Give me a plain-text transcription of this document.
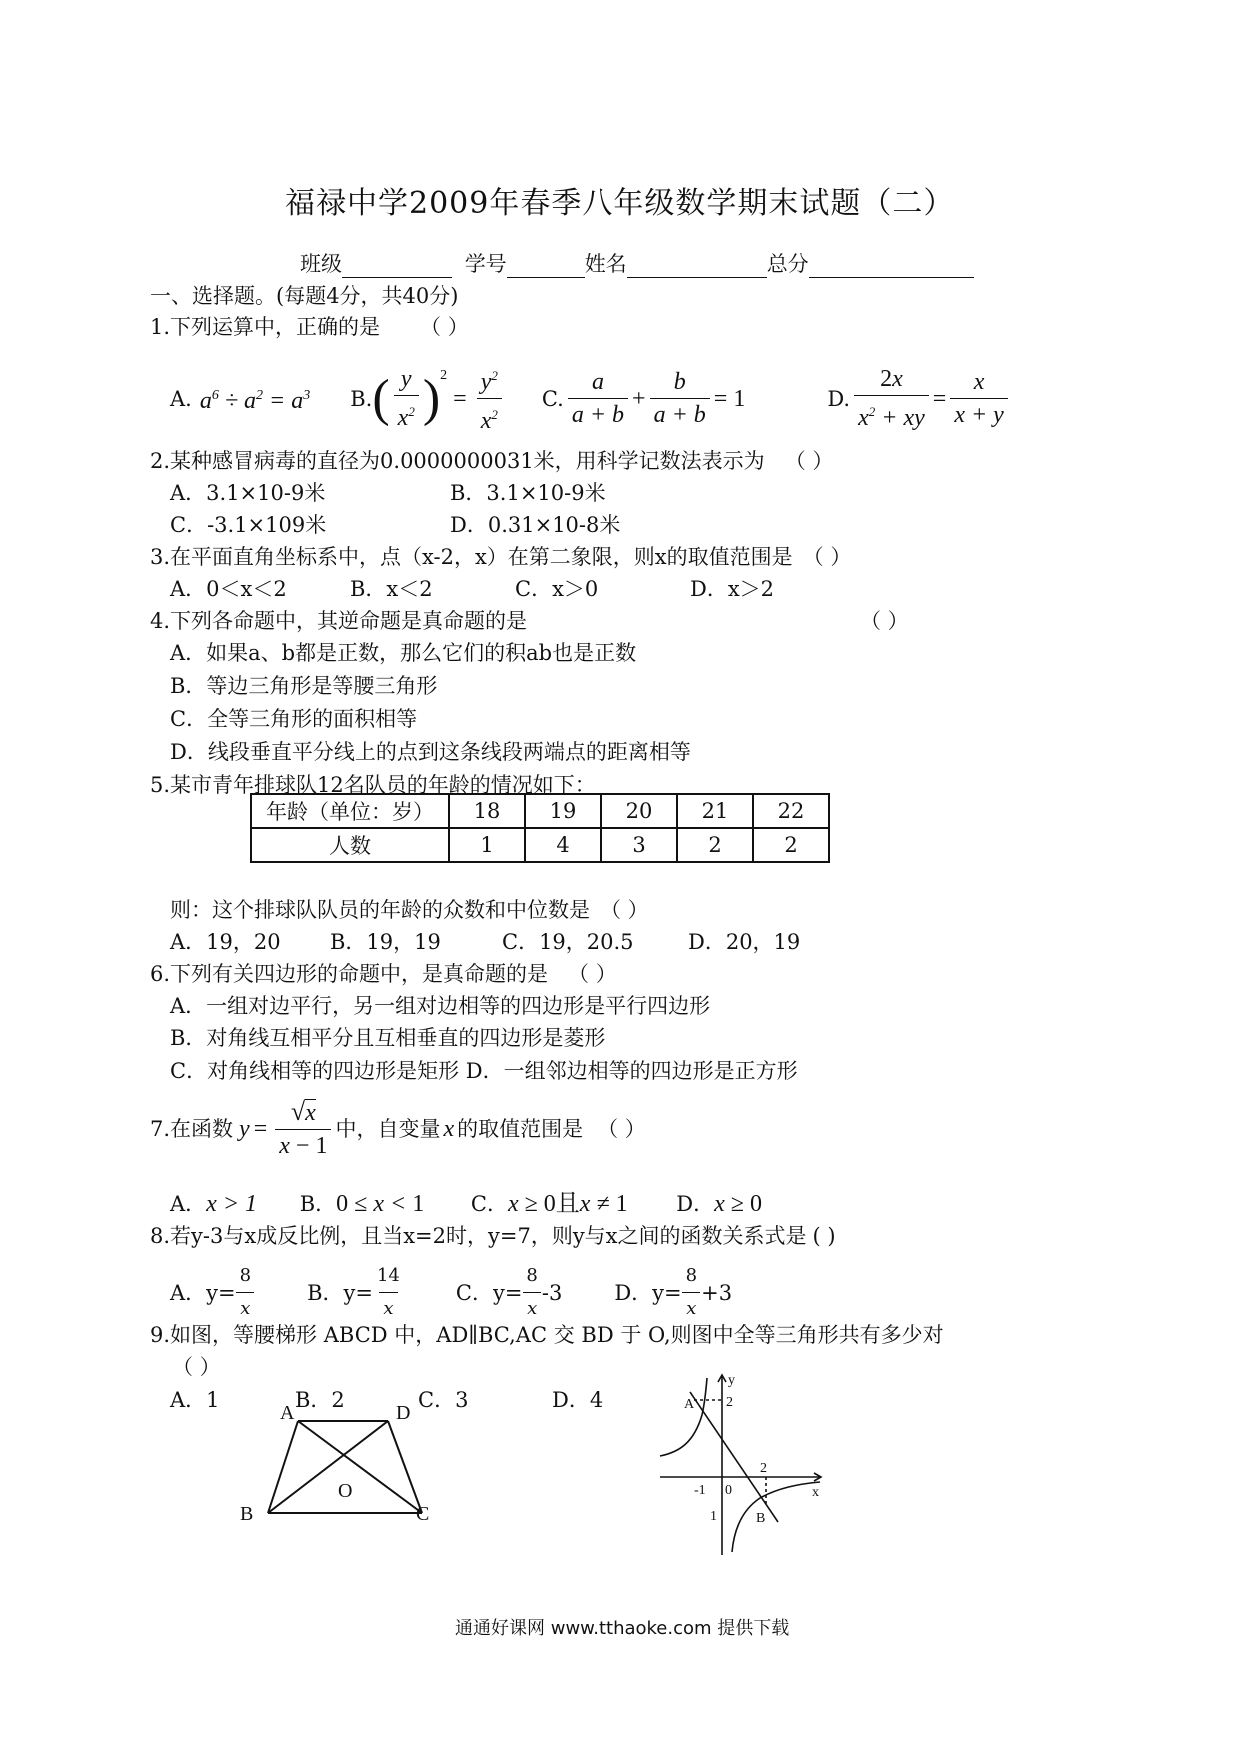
福禄中学2009年春季八年级数学期末试题（二）
班级	学号	姓名	总分
一、选择题。(每题4分，共40分)
1.下列运算中，正确的是 （ ）
A. $a^6 \div a^2 = a^3$ B. ( $\frac{y}{x^2} )^2$
= $\frac{y^2}{x^2} C$. $\frac{a}{a + b} + \frac{b}{a + b} = 1$	D. $\frac{2x}{x^2 + xy} = \frac{x}{x + y}$
2.某种感冒病毒的直径为0.0000000031米，用科学记数法表示为 （ ）
A．3.1×10-9米	B．3.1×10-9米
C．-3.1×109米	D．0.31×10-8米
3.在平面直角坐标系中，点（x-2，x）在第二象限，则x的取值范围是 （ ）
A．0＜x＜2	B．x＜2	C．x＞0	D．x＞2
4.下列各命题中，其逆命题是真命题的是	（ ）
A．如果a、b都是正数，那么它们的积ab也是正数
B．等边三角形是等腰三角形
C．全等三角形的面积相等
D．线段垂直平分线上的点到这条线段两端点的距离相等
5.某市青年排球队12名队员的年龄的情况如下：
年龄（单位：岁）	18	19	20	21	22
人数	1	4	3	2	2
则：这个排球队队员的年龄的众数和中位数是 （ ）
A．19，20 B．19，19	C．19，20.5	D．20，19
6.下列有关四边形的命题中，是真命题的是 （ ）
A．一组对边平行，另一组对边相等的四边形是平行四边形
B．对角线互相平分且互相垂直的四边形是菱形
C．对角线相等的四边形是矩形 D．一组邻边相等的四边形是正方形
7.在函数 $y = \frac{√x}{x - 1}$ 中，自变量 x 的取值范围是 （ ）
A．x > 1 B．0 ≤ x < 1 C．x ≥ 0且x ≠ 1 D．x ≥ 0
8.若y-3与x成反比例，且当x=2时，y=7，则y与x之间的函数关系式是 ( )
A．$y= \frac{8}{x}$ B．$y= \frac{14}{x}$ C．$y= \frac{8}{x} -3$ D．$y= \frac{8}{x} +3$
9.如图，等腰梯形 ABCD 中，AD∥BC,AC 交 BD 于 O,则图中全等三角形共有多少对
（ ）
A．1	B．2	C．3	D．4
A	D
B	C
O
y
x
A 2
2
-1 0
1	B
通通好课网 www.tthaoke.com 提供下载
